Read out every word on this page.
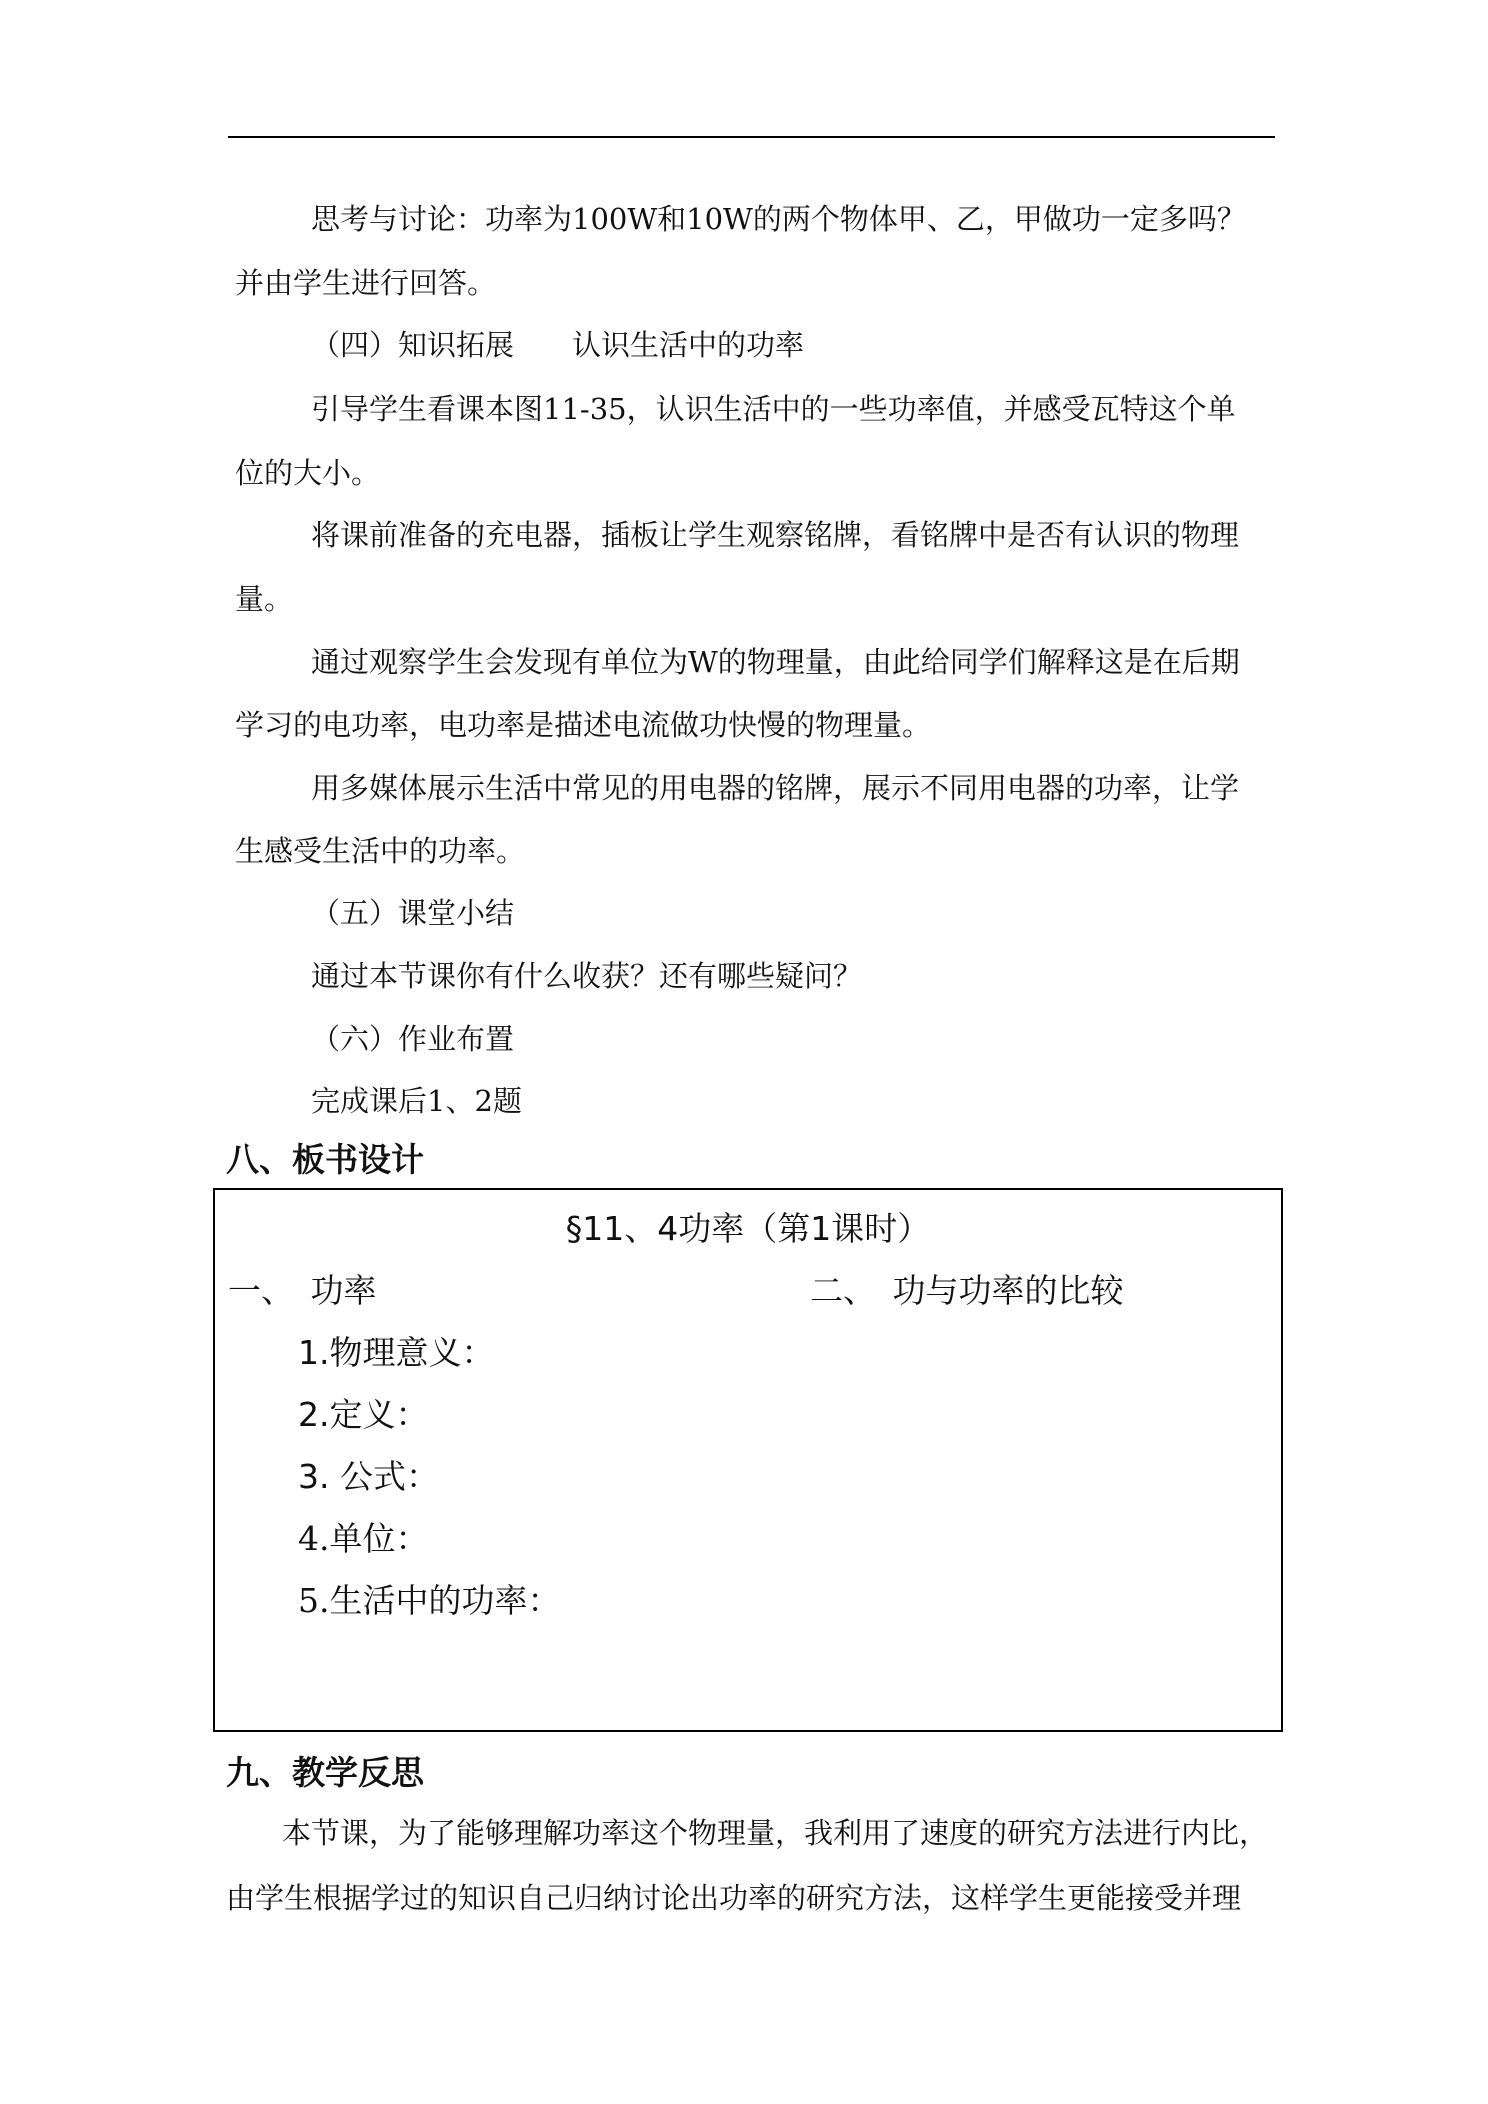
思考与讨论：功率为100W和10W的两个物体甲、乙，甲做功一定多吗？
并由学生进行回答。
（四）知识拓展　　认识生活中的功率
引导学生看课本图11-35，认识生活中的一些功率值，并感受瓦特这个单
位的大小。
将课前准备的充电器，插板让学生观察铭牌，看铭牌中是否有认识的物理
量。
通过观察学生会发现有单位为W的物理量，由此给同学们解释这是在后期
学习的电功率，电功率是描述电流做功快慢的物理量。
用多媒体展示生活中常见的用电器的铭牌，展示不同用电器的功率，让学
生感受生活中的功率。
（五）课堂小结
通过本节课你有什么收获？还有哪些疑问？
（六）作业布置
完成课后1、2题
八、板书设计
§11、4功率（第1课时）
一、　功率	二、　功与功率的比较
1.物理意义：
2.定义：
3. 公式：
4.单位：
5.生活中的功率：
九、教学反思
本节课，为了能够理解功率这个物理量，我利用了速度的研究方法进行内比，
由学生根据学过的知识自己归纳讨论出功率的研究方法，这样学生更能接受并理
